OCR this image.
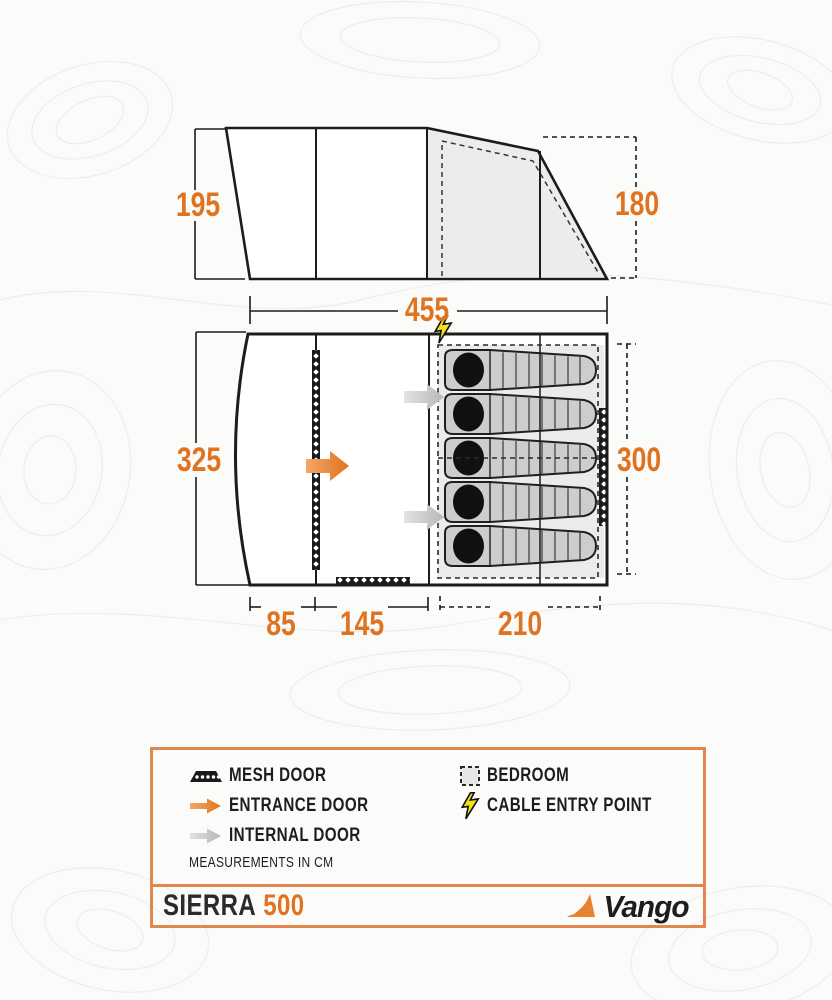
195	180
455
325	300
85 145	210
MESH DOOR
ENTRANCE DOOR
INTERNAL DOOR
MEASUREMENTS IN CM
BEDROOM
CABLE ENTRY POINT
SIERRA 500	Vango
